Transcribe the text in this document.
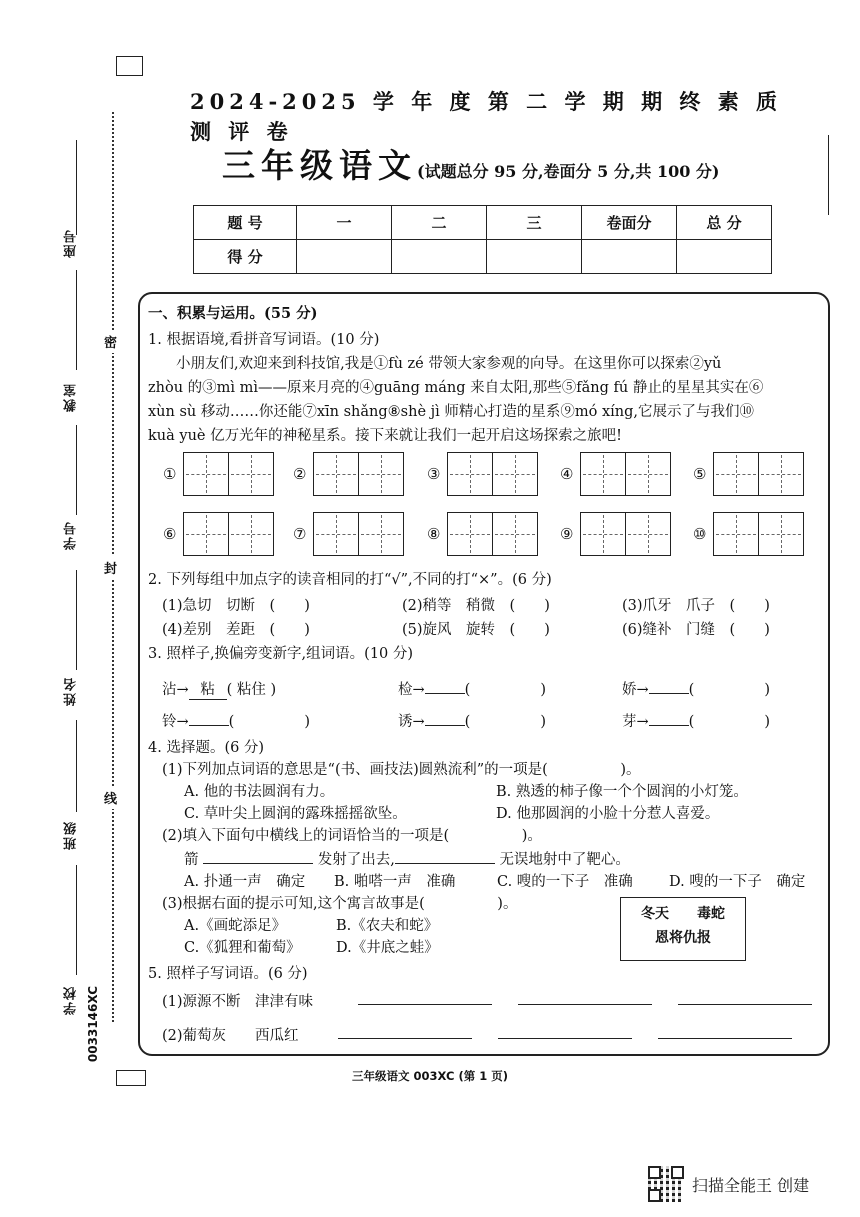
座号
教室
学号
姓名
班级
学校 0033146XC
密
封
线
2024-2025 学 年 度 第 二 学 期 期 终 素 质 测 评 卷
三年级语文(试题总分 95 分,卷面分 5 分,共 100 分)
题 号	一	二	三	卷面分	总 分
得 分					
一、积累与运用。(55 分)
1. 根据语境,看拼音写词语。(10 分)
小朋友们,欢迎来到科技馆,我是①fù zé 带领大家参观的向导。在这里你可以探索②yǔ
zhòu 的③mì mì——原来月亮的④guāng máng 来自太阳,那些⑤fǎng fú 静止的星星其实在⑥
xùn sù 移动……你还能⑦xīn shǎng⑧shè jì 师精心打造的星系⑨mó xíng,它展示了与我们⑩
kuà yuè 亿万光年的神秘星系。接下来就让我们一起开启这场探索之旅吧!
①	②	③	④	⑤
⑥	⑦	⑧	⑨	⑩
2. 下列每组中加点字的读音相同的打“√”,不同的打“×”。(6 分)
(1)急切　切断　(　　)	(2)稍等　稍微　(　　)	(3)爪牙　爪子　(　　)
(4)差别　差距　(　　)	(5)旋风　旋转　(　　)	(6)缝补　门缝　(　　)
3. 照样子,换偏旁变新字,组词语。(10 分)
沾→ 粘 ( 粘住 )	检→	(	)	娇→	(	)
铃→	(	)	诱→	(	)	芽→	(	)
4. 选择题。(6 分)
(1)下列加点词语的意思是“(书、画技法)圆熟流利”的一项是(　　　　　)。
A. 他的书法圆润有力。	B. 熟透的柿子像一个个圆润的小灯笼。
C. 草叶尖上圆润的露珠摇摇欲坠。	D. 他那圆润的小脸十分惹人喜爱。
(2)填入下面句中横线上的词语恰当的一项是(　　　　　)。
箭	发射了出去,	无误地射中了靶心。
A. 扑通一声　确定 B. 啪嗒一声　准确	C. 嗖的一下子　准确 D. 嗖的一下子　确定
(3)根据右面的提示可知,这个寓言故事是(　　　　　)。
A.《画蛇添足》	B.《农夫和蛇》
C.《狐狸和葡萄》 D.《井底之蛙》
冬天　　毒蛇
恩将仇报
5. 照样子写词语。(6 分)
(1)源源不断　津津有味
(2)葡萄灰　　西瓜红
三年级语文 003XC (第 1 页)
扫描全能王 创建
